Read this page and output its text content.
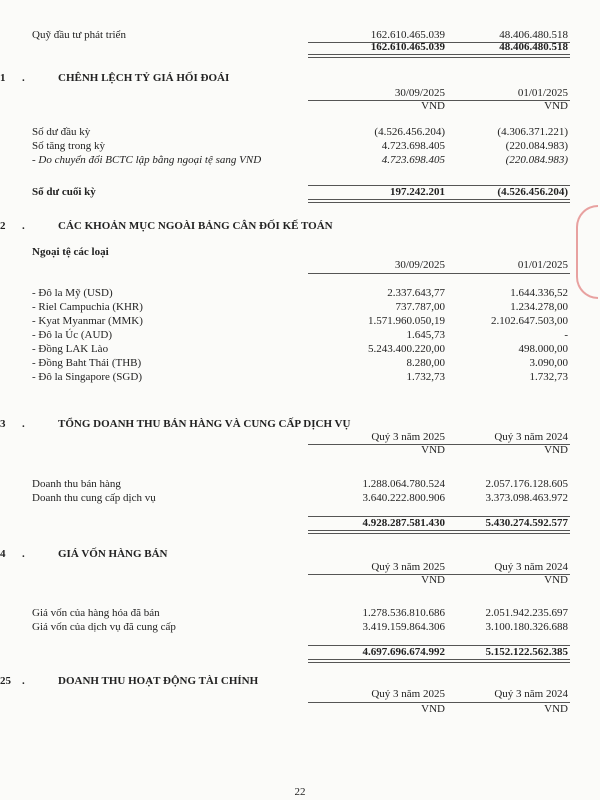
Quỹ đầu tư phát triển	162.610.465.039	48.406.480.518
162.610.465.039	48.406.480.518
1 .	CHÊNH LỆCH TỶ GIÁ HỐI ĐOÁI
30/09/2025	01/01/2025
VND	VND
Số dư đầu kỳ	(4.526.456.204)	(4.306.371.221)
Số tăng trong kỳ	4.723.698.405	(220.084.983)
- Do chuyển đổi BCTC lập bằng ngoại tệ sang VND	4.723.698.405	(220.084.983)
Số dư cuối kỳ	197.242.201	(4.526.456.204)
2 .	CÁC KHOẢN MỤC NGOÀI BẢNG CÂN ĐỐI KẾ TOÁN
Ngoại tệ các loại
30/09/2025	01/01/2025
- Đô la Mỹ (USD)	2.337.643,77	1.644.336,52
- Riel Campuchia (KHR)	737.787,00	1.234.278,00
- Kyat Myanmar (MMK)	1.571.960.050,19	2.102.647.503,00
- Đô la Úc (AUD)	1.645,73	-
- Đồng LAK Lào	5.243.400.220,00	498.000,00
- Đồng Baht Thái (THB)	8.280,00	3.090,00
- Đô la Singapore (SGD)	1.732,73	1.732,73
3 .	TỔNG DOANH THU BÁN HÀNG VÀ CUNG CẤP DỊCH VỤ
Quý 3 năm 2025	Quý 3 năm 2024
VND	VND
Doanh thu bán hàng	1.288.064.780.524	2.057.176.128.605
Doanh thu cung cấp dịch vụ	3.640.222.800.906	3.373.098.463.972
4.928.287.581.430	5.430.274.592.577
4 .	GIÁ VỐN HÀNG BÁN
Quý 3 năm 2025	Quý 3 năm 2024
VND	VND
Giá vốn của hàng hóa đã bán	1.278.536.810.686	2.051.942.235.697
Giá vốn của dịch vụ đã cung cấp	3.419.159.864.306	3.100.180.326.688
4.697.696.674.992	5.152.122.562.385
25 .	DOANH THU HOẠT ĐỘNG TÀI CHÍNH
Quý 3 năm 2025	Quý 3 năm 2024
VND	VND
22
